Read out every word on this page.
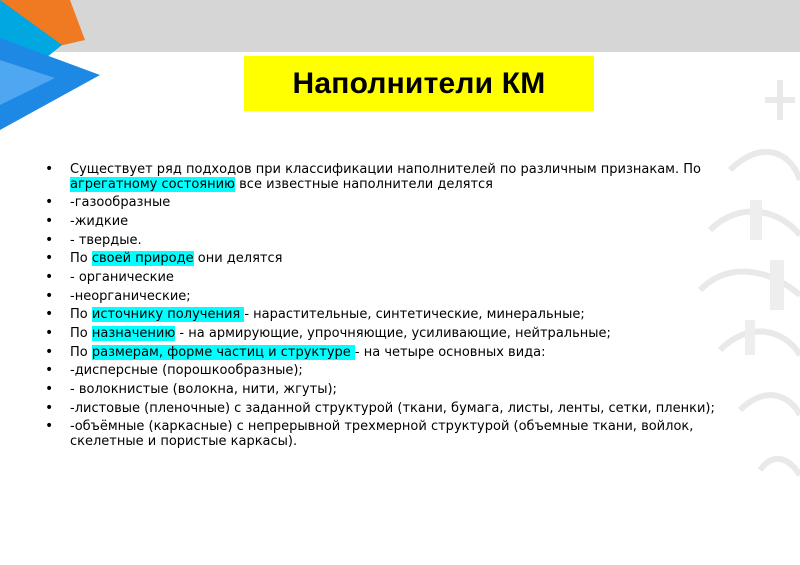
Наполнители КМ
• Существует ряд подходов при классификации наполнителей по различным признакам. По агрегатному состоянию все известные наполнители делятся
• -газообразные
• -жидкие
• - твердые.
• По своей природе они делятся
• - органические
• -неорганические;
• По источнику получения - нарастительные, синтетические, минеральные;
• По назначению - на армирующие, упрочняющие, усиливающие, нейтральные;
• По размерам, форме частиц и структуре - на четыре основных вида:
• -дисперсные (порошкообразные);
• - волокнистые (волокна, нити, жгуты);
• -листовые (пленочные) с заданной структурой (ткани, бумага, листы, ленты, сетки, пленки);
• -объёмные (каркасные) с непрерывной трехмерной структурой (объемные ткани, войлок, скелетные и пористые каркасы).
